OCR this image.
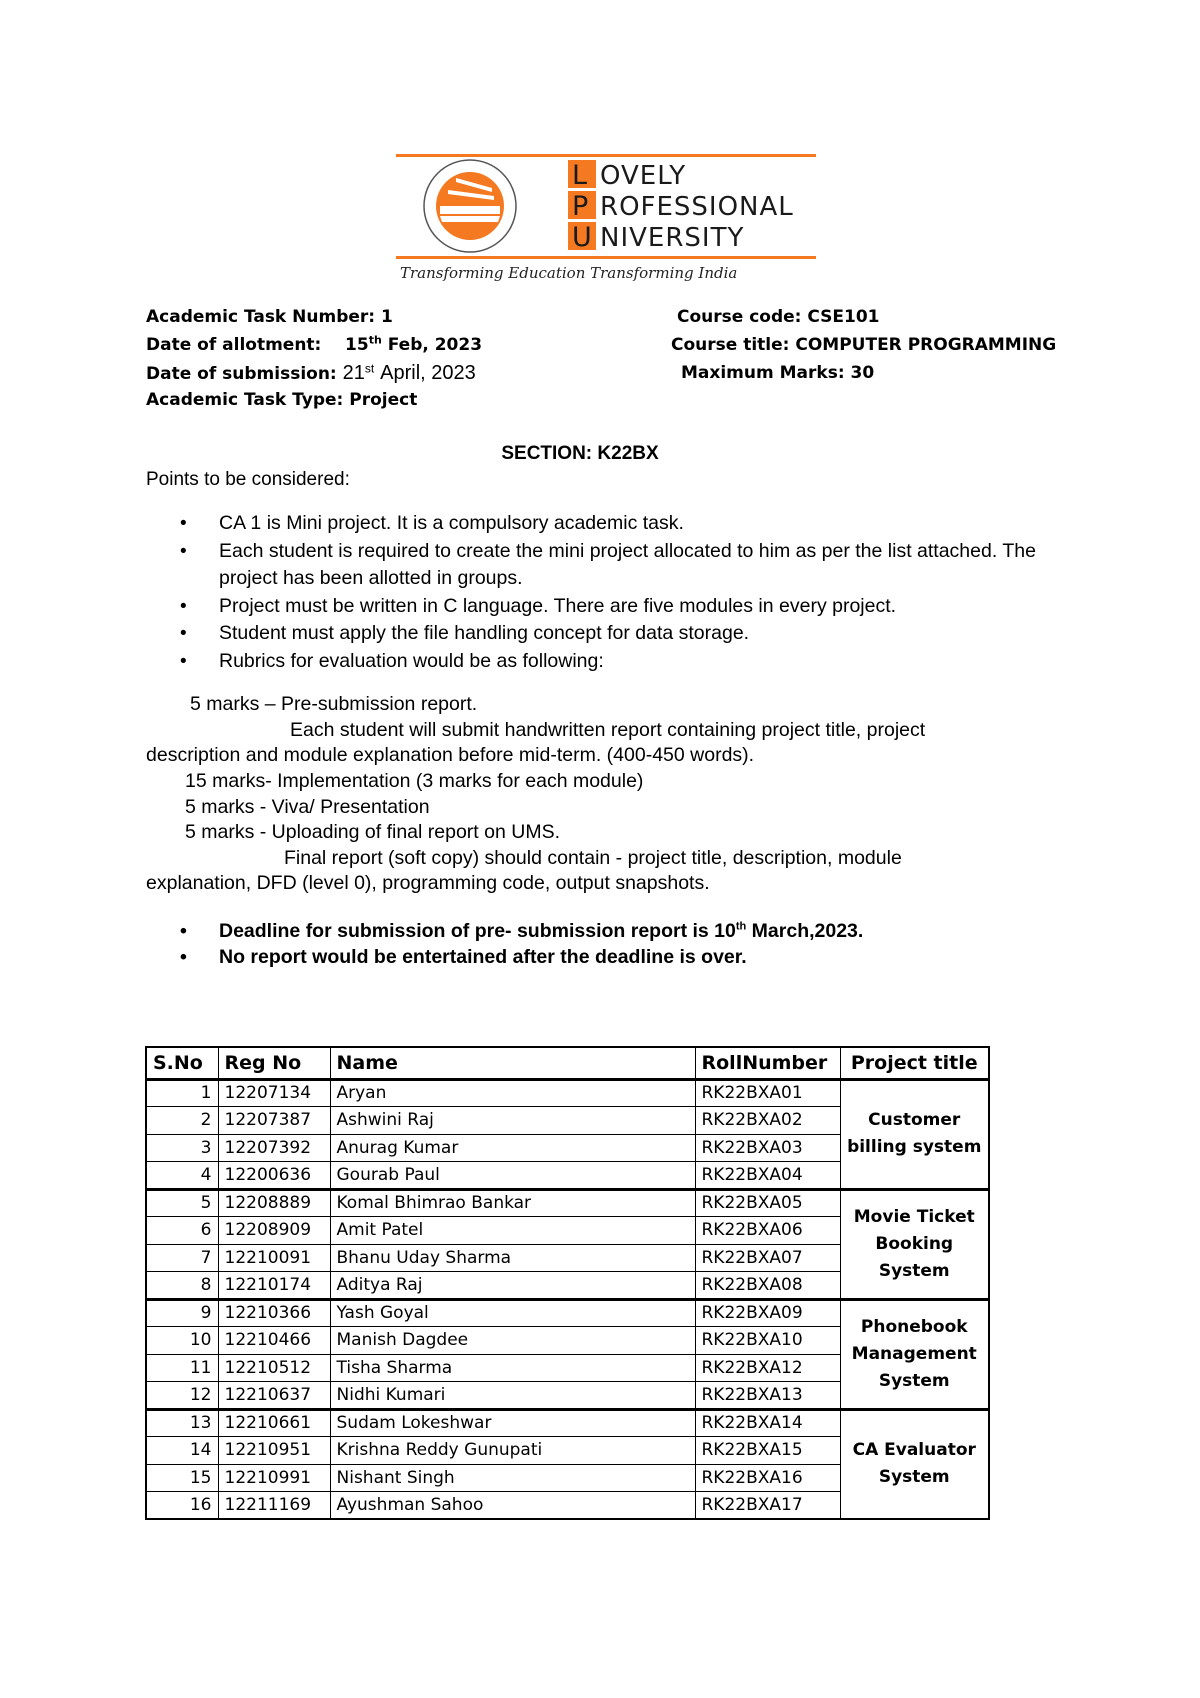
L
P
U
OVELY
ROFESSIONAL
NIVERSITY
Transforming Education Transforming India
Academic Task Number: 1
Date of allotment: 15th Feb, 2023
Date of submission: 21st April, 2023
Academic Task Type: Project
Course code: CSE101
Course title: COMPUTER PROGRAMMING
Maximum Marks: 30
SECTION: K22BX
Points to be considered:
• CA 1 is Mini project. It is a compulsory academic task.
• Each student is required to create the mini project allocated to him as per the list attached. The project has been allotted in groups.
• Project must be written in C language. There are five modules in every project.
• Student must apply the file handling concept for data storage.
• Rubrics for evaluation would be as following:
5 marks – Pre-submission report.
Each student will submit handwritten report containing project title, project
description and module explanation before mid-term. (400-450 words).
15 marks- Implementation (3 marks for each module)
5 marks - Viva/ Presentation
5 marks - Uploading of final report on UMS.
Final report (soft copy) should contain - project title, description, module
explanation, DFD (level 0), programming code, output snapshots.
• Deadline for submission of pre- submission report is 10th March,2023.
• No report would be entertained after the deadline is over.
S.No	Reg No	Name	RollNumber	Project title
1	12207134	Aryan	RK22BXA01	Customer billing system
2	12207387	Ashwini Raj	RK22BXA02	
3	12207392	Anurag Kumar	RK22BXA03	
4	12200636	Gourab Paul	RK22BXA04	
5	12208889	Komal Bhimrao Bankar	RK22BXA05	Movie Ticket Booking System
6	12208909	Amit Patel	RK22BXA06	
7	12210091	Bhanu Uday Sharma	RK22BXA07	
8	12210174	Aditya Raj	RK22BXA08	
9	12210366	Yash Goyal	RK22BXA09	Phonebook Management System
10	12210466	Manish Dagdee	RK22BXA10	
11	12210512	Tisha Sharma	RK22BXA12	
12	12210637	Nidhi Kumari	RK22BXA13	
13	12210661	Sudam Lokeshwar	RK22BXA14	CA Evaluator System
14	12210951	Krishna Reddy Gunupati	RK22BXA15	
15	12210991	Nishant Singh	RK22BXA16	
16	12211169	Ayushman Sahoo	RK22BXA17	
